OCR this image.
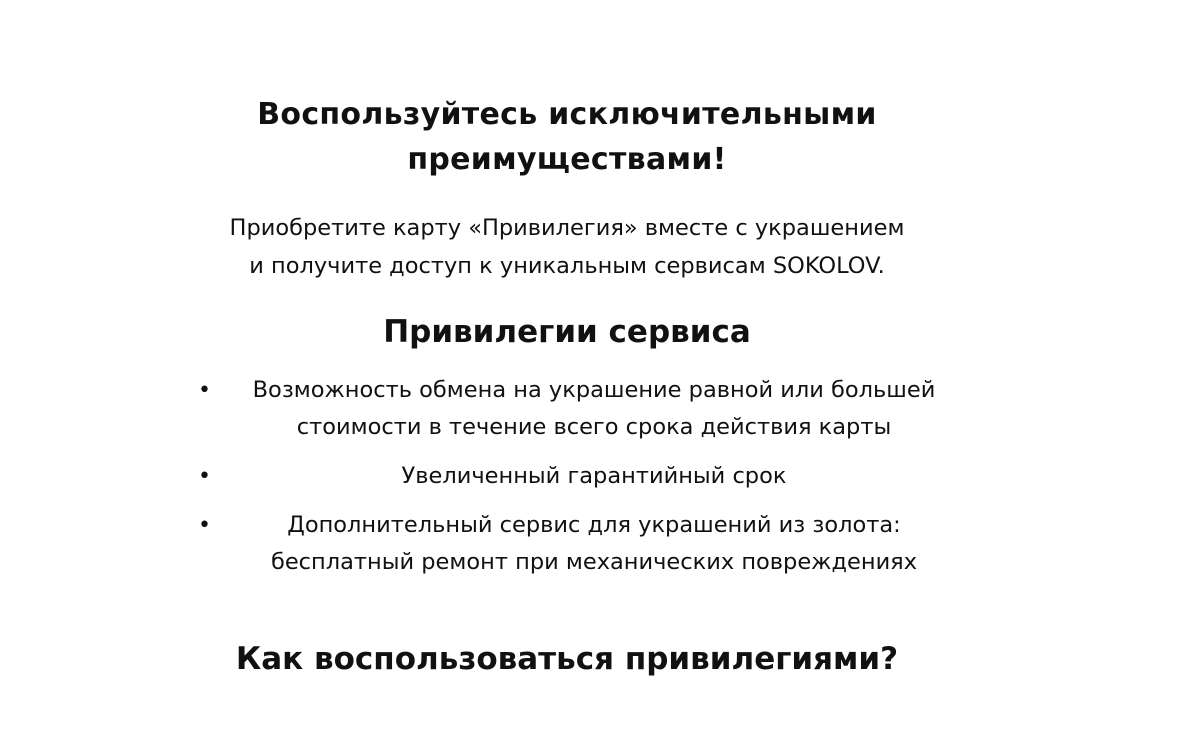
Воспользуйтесь исключительными
преимуществами!

Приобретите карту «Привилегия» вместе с украшением
и получите доступ к уникальным сервисам SOKOLOV.

Привилегии сервиса
•	Возможность обмена на украшение равной или большей
стоимости в течение всего срока действия карты
•	Увеличенный гарантийный срок
•	Дополнительный сервис для украшений из золота:
бесплатный ремонт при механических повреждениях
Как воспользоваться привилегиями?
